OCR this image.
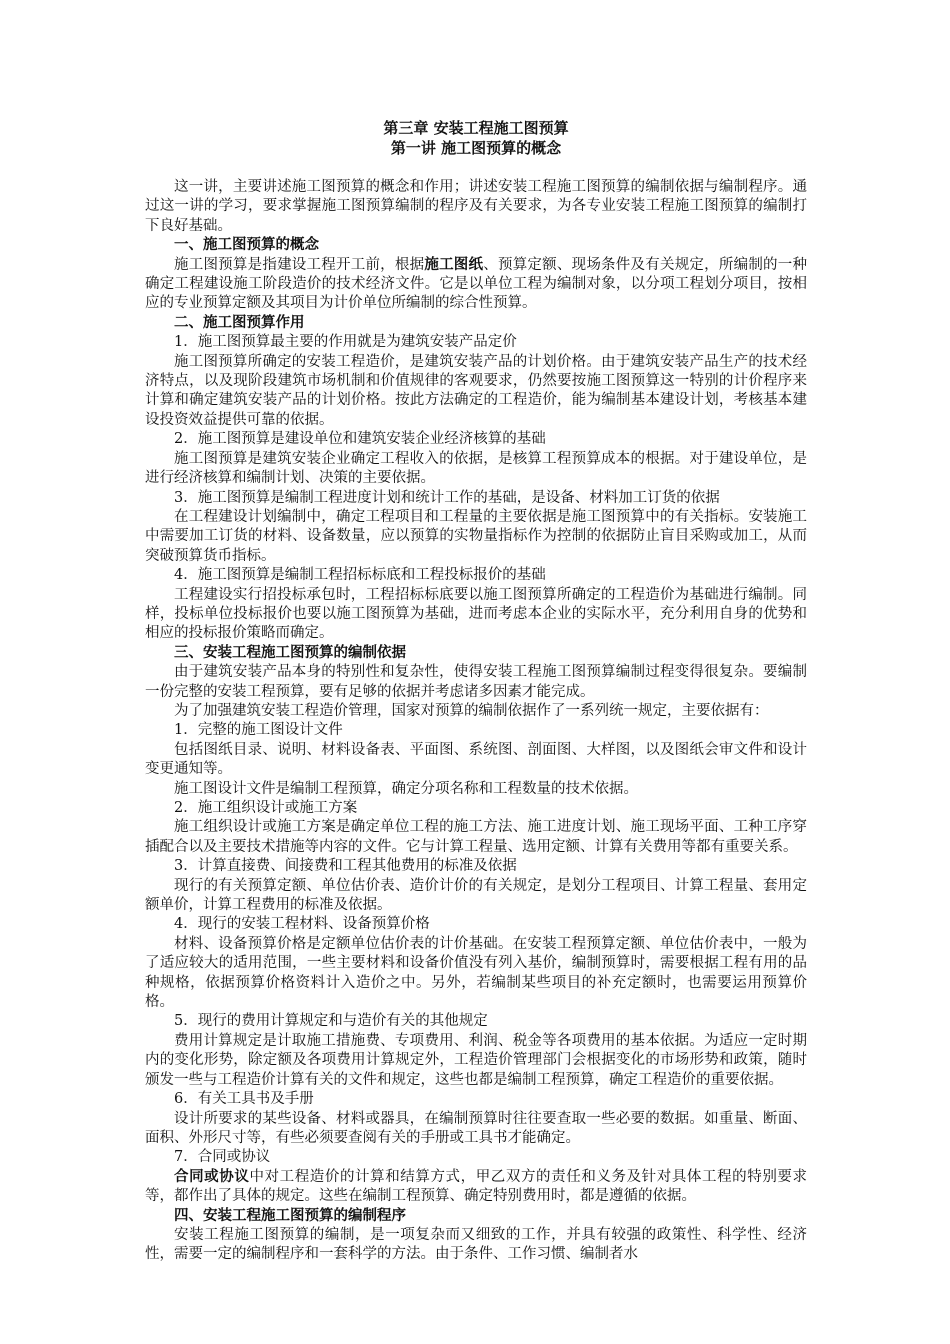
第三章 安装工程施工图预算
第一讲 施工图预算的概念

这一讲，主要讲述施工图预算的概念和作用；讲述安装工程施工图预算的编制依据与编制程序。通过这一讲的学习，要求掌握施工图预算编制的程序及有关要求，为各专业安装工程施工图预算的编制打下良好基础。

一、施工图预算的概念

施工图预算是指建设工程开工前，根据施工图纸、预算定额、现场条件及有关规定，所编制的一种确定工程建设施工阶段造价的技术经济文件。它是以单位工程为编制对象，以分项工程划分项目，按相应的专业预算定额及其项目为计价单位所编制的综合性预算。

二、施工图预算作用

1．施工图预算最主要的作用就是为建筑安装产品定价

施工图预算所确定的安装工程造价，是建筑安装产品的计划价格。由于建筑安装产品生产的技术经济特点，以及现阶段建筑市场机制和价值规律的客观要求，仍然要按施工图预算这一特别的计价程序来计算和确定建筑安装产品的计划价格。按此方法确定的工程造价，能为编制基本建设计划，考核基本建设投资效益提供可靠的依据。

2．施工图预算是建设单位和建筑安装企业经济核算的基础

施工图预算是建筑安装企业确定工程收入的依据，是核算工程预算成本的根据。对于建设单位，是进行经济核算和编制计划、决策的主要依据。

3．施工图预算是编制工程进度计划和统计工作的基础，是设备、材料加工订货的依据

在工程建设计划编制中，确定工程项目和工程量的主要依据是施工图预算中的有关指标。安装施工中需要加工订货的材料、设备数量，应以预算的实物量指标作为控制的依据防止盲目采购或加工，从而突破预算货币指标。

4．施工图预算是编制工程招标标底和工程投标报价的基础

工程建设实行招投标承包时，工程招标标底要以施工图预算所确定的工程造价为基础进行编制。同样，投标单位投标报价也要以施工图预算为基础，进而考虑本企业的实际水平，充分利用自身的优势和相应的投标报价策略而确定。

三、安装工程施工图预算的编制依据

由于建筑安装产品本身的特别性和复杂性，使得安装工程施工图预算编制过程变得很复杂。要编制一份完整的安装工程预算，要有足够的依据并考虑诸多因素才能完成。

为了加强建筑安装工程造价管理，国家对预算的编制依据作了一系列统一规定，主要依据有：

1．完整的施工图设计文件

包括图纸目录、说明、材料设备表、平面图、系统图、剖面图、大样图，以及图纸会审文件和设计变更通知等。

施工图设计文件是编制工程预算，确定分项名称和工程数量的技术依据。

2．施工组织设计或施工方案

施工组织设计或施工方案是确定单位工程的施工方法、施工进度计划、施工现场平面、工种工序穿插配合以及主要技术措施等内容的文件。它与计算工程量、选用定额、计算有关费用等都有重要关系。

3．计算直接费、间接费和工程其他费用的标准及依据

现行的有关预算定额、单位估价表、造价计价的有关规定，是划分工程项目、计算工程量、套用定额单价，计算工程费用的标准及依据。

4．现行的安装工程材料、设备预算价格

材料、设备预算价格是定额单位估价表的计价基础。在安装工程预算定额、单位估价表中，一般为了适应较大的适用范围，一些主要材料和设备价值没有列入基价，编制预算时，需要根据工程有用的品种规格，依据预算价格资料计入造价之中。另外，若编制某些项目的补充定额时，也需要运用预算价格。

5．现行的费用计算规定和与造价有关的其他规定

费用计算规定是计取施工措施费、专项费用、利润、税金等各项费用的基本依据。为适应一定时期内的变化形势，除定额及各项费用计算规定外，工程造价管理部门会根据变化的市场形势和政策，随时颁发一些与工程造价计算有关的文件和规定，这些也都是编制工程预算，确定工程造价的重要依据。

6．有关工具书及手册

设计所要求的某些设备、材料或器具，在编制预算时往往要查取一些必要的数据。如重量、断面、面积、外形尺寸等，有些必须要查阅有关的手册或工具书才能确定。

7．合同或协议

合同或协议中对工程造价的计算和结算方式，甲乙双方的责任和义务及针对具体工程的特别要求等，都作出了具体的规定。这些在编制工程预算、确定特别费用时，都是遵循的依据。

四、安装工程施工图预算的编制程序

安装工程施工图预算的编制，是一项复杂而又细致的工作，并具有较强的政策性、科学性、经济性，需要一定的编制程序和一套科学的方法。由于条件、工作习惯、编制者水
